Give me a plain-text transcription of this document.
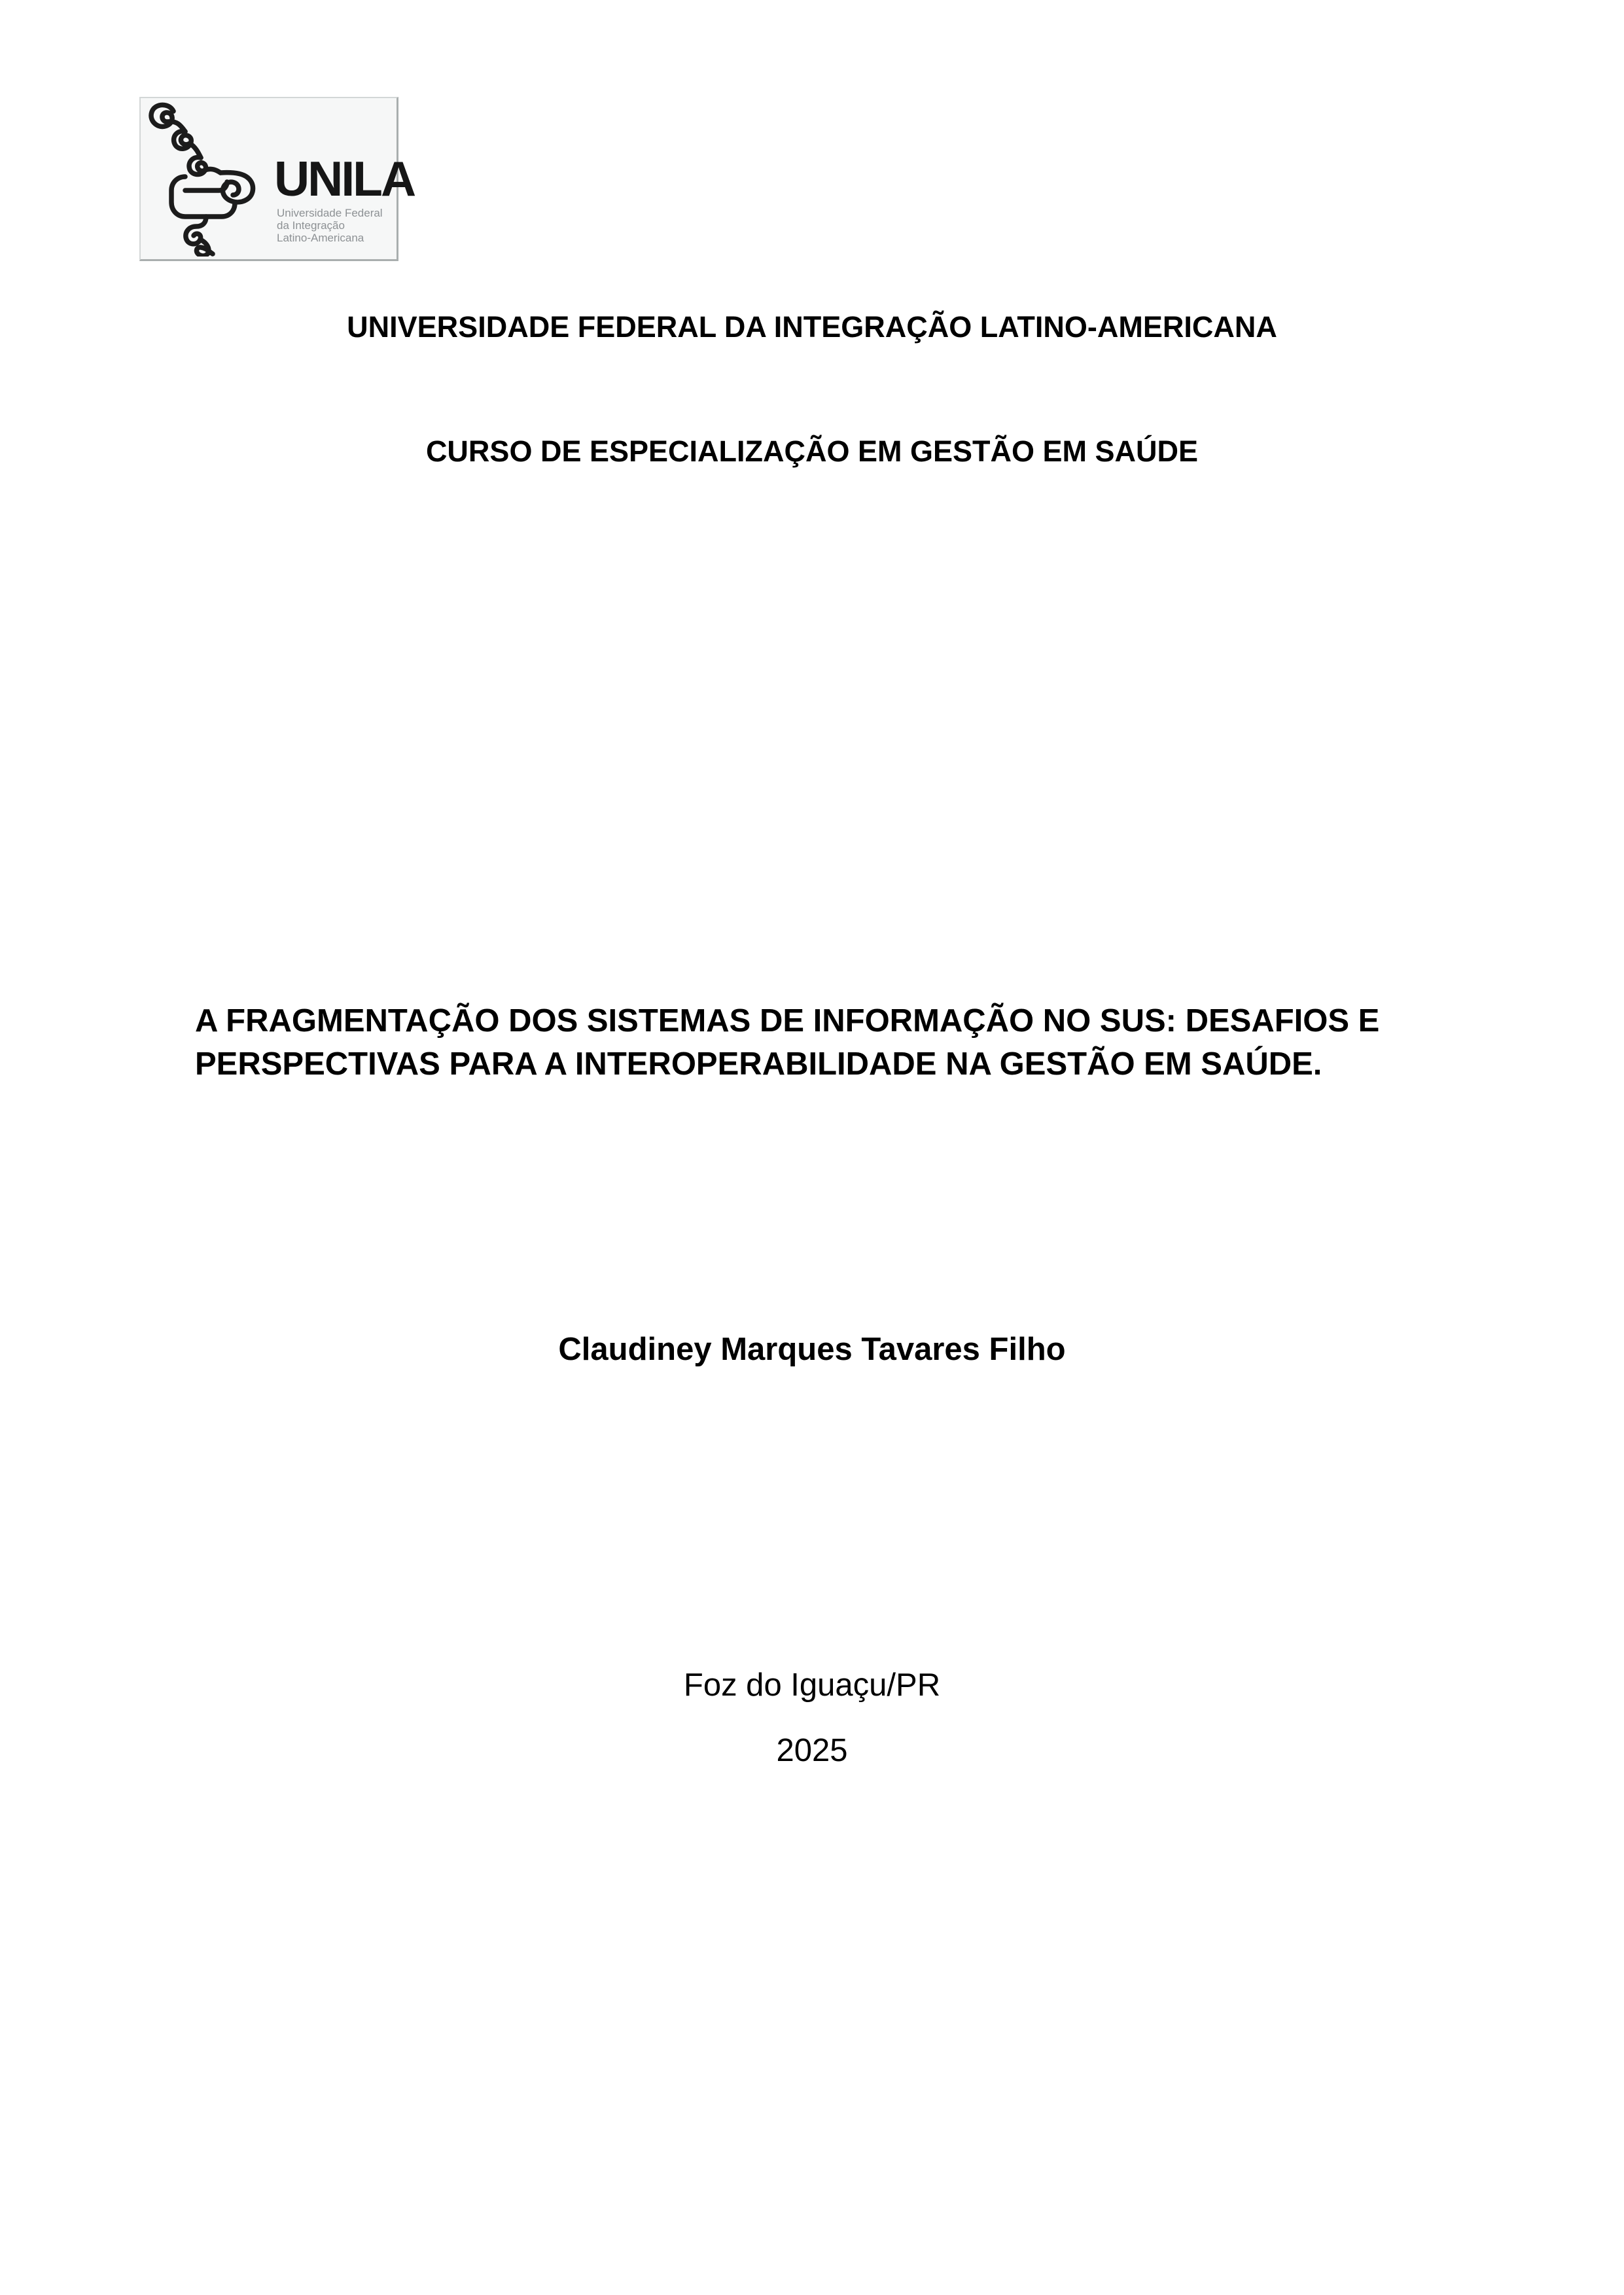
UNILA
Universidade Federal
da Integração
Latino-Americana
UNIVERSIDADE FEDERAL DA INTEGRAÇÃO LATINO-AMERICANA
CURSO DE ESPECIALIZAÇÃO EM GESTÃO EM SAÚDE
A FRAGMENTAÇÃO DOS SISTEMAS DE INFORMAÇÃO NO SUS: DESAFIOS E
PERSPECTIVAS PARA A INTEROPERABILIDADE NA GESTÃO EM SAÚDE.
Claudiney Marques Tavares Filho
Foz do Iguaçu/PR
2025
